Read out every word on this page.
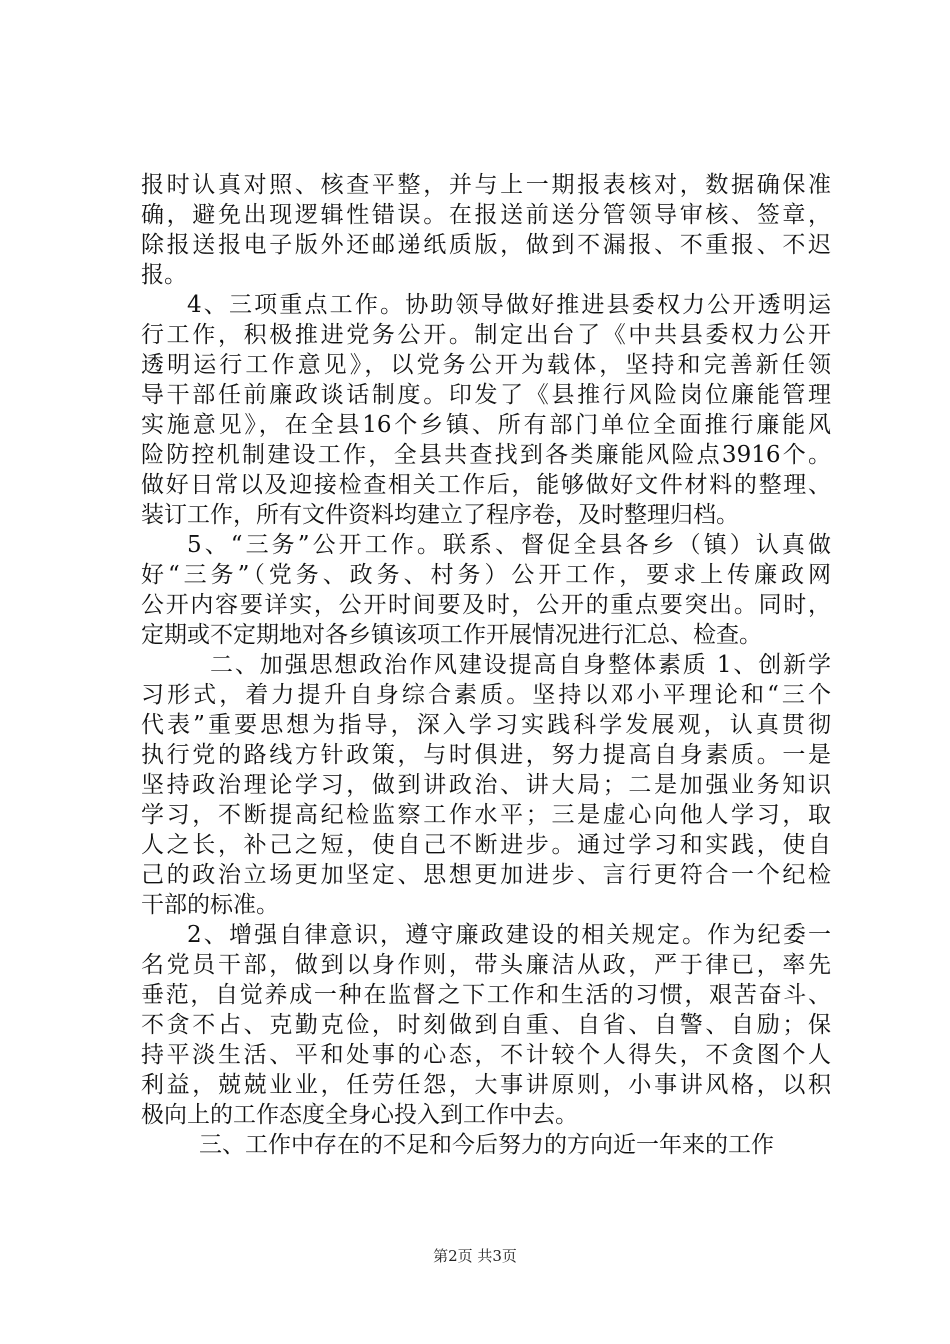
报时认真对照、核查平整，并与上一期报表核对，数据确保准
确，避免出现逻辑性错误。在报送前送分管领导审核、签章，
除报送报电子版外还邮递纸质版，做到不漏报、不重报、不迟
报。
4、三项重点工作。协助领导做好推进县委权力公开透明运
行工作，积极推进党务公开。制定出台了《中共县委权力公开
透明运行工作意见》，以党务公开为载体，坚持和完善新任领
导干部任前廉政谈话制度。印发了《县推行风险岗位廉能管理
实施意见》，在全县16个乡镇、所有部门单位全面推行廉能风
险防控机制建设工作，全县共查找到各类廉能风险点3916个。
做好日常以及迎接检查相关工作后，能够做好文件材料的整理、
装订工作，所有文件资料均建立了程序卷，及时整理归档。
5、“三务”公开工作。联系、督促全县各乡（镇）认真做
好“三务”（党务、政务、村务）公开工作，要求上传廉政网
公开内容要详实，公开时间要及时，公开的重点要突出。同时，
定期或不定期地对各乡镇该项工作开展情况进行汇总、检查。
二、加强思想政治作风建设提高自身整体素质 1、创新学
习形式，着力提升自身综合素质。坚持以邓小平理论和“三个
代表”重要思想为指导，深入学习实践科学发展观，认真贯彻
执行党的路线方针政策，与时俱进，努力提高自身素质。一是
坚持政治理论学习，做到讲政治、讲大局；二是加强业务知识
学习，不断提高纪检监察工作水平；三是虚心向他人学习，取
人之长，补己之短，使自己不断进步。通过学习和实践，使自
己的政治立场更加坚定、思想更加进步、言行更符合一个纪检
干部的标准。
2、增强自律意识，遵守廉政建设的相关规定。作为纪委一
名党员干部，做到以身作则，带头廉洁从政，严于律已，率先
垂范，自觉养成一种在监督之下工作和生活的习惯，艰苦奋斗、
不贪不占、克勤克俭，时刻做到自重、自省、自警、自励；保
持平淡生活、平和处事的心态，不计较个人得失，不贪图个人
利益，兢兢业业，任劳任怨，大事讲原则，小事讲风格，以积
极向上的工作态度全身心投入到工作中去。
三、工作中存在的不足和今后努力的方向近一年来的工作
第2页 共3页
